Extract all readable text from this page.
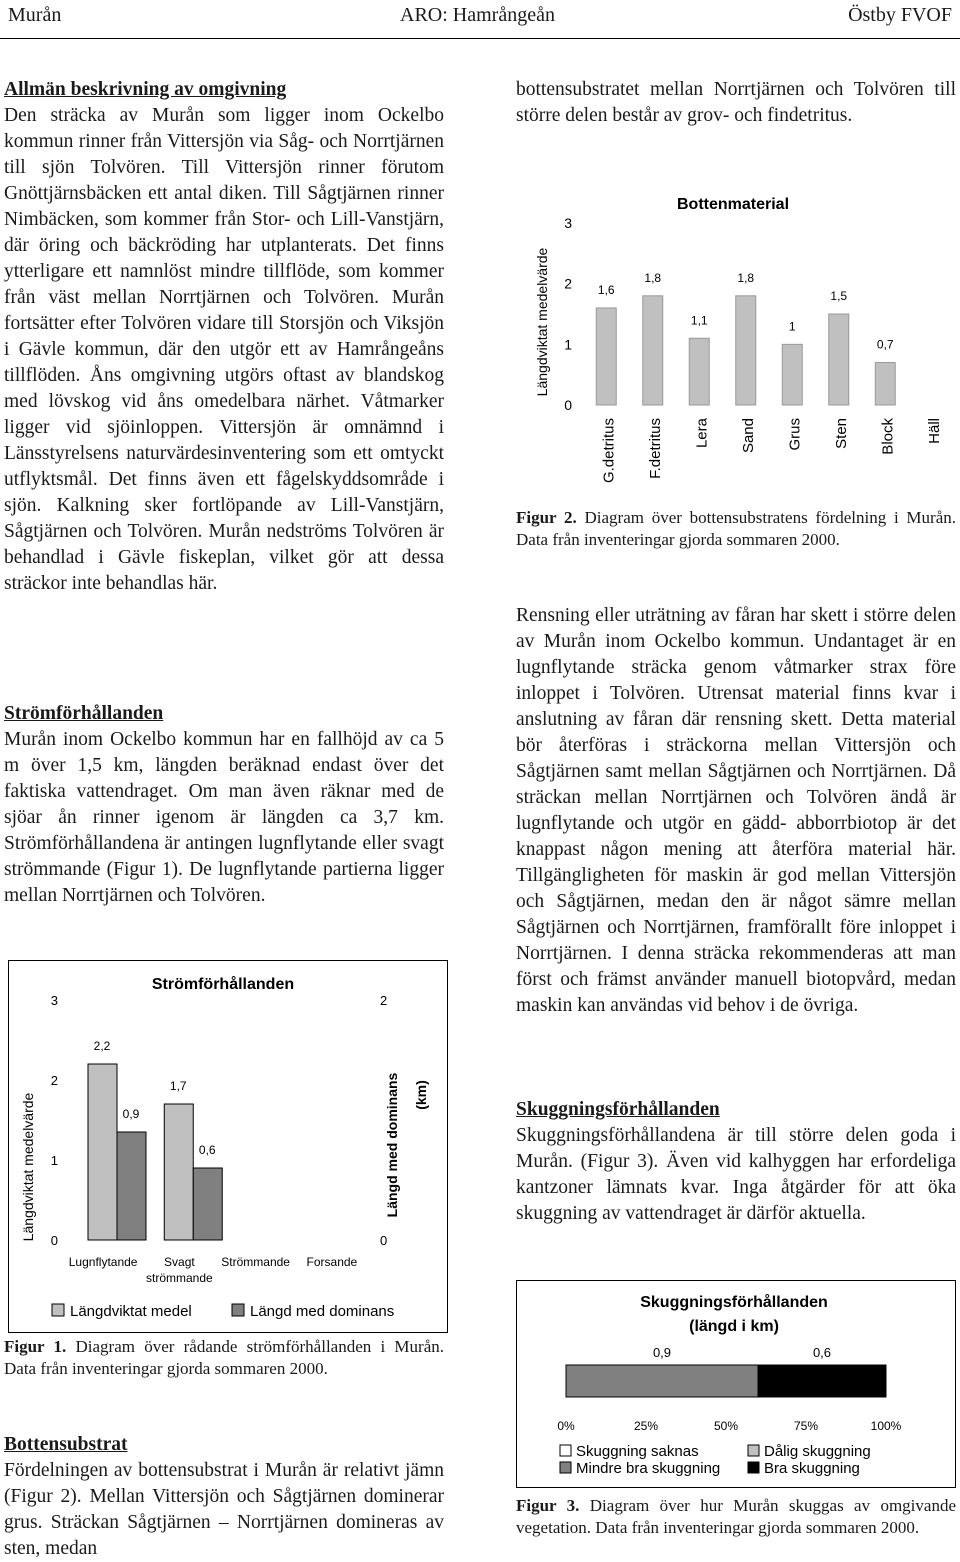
Murån	ARO: Hamrångeån	Östby FVOF

Allmän beskrivning av omgivning

Den sträcka av Murån som ligger inom Ockelbo kommun rinner från Vittersjön via Såg- och Norrtjärnen till sjön Tolvören. Till Vittersjön rinner förutom Gnöttjärnsbäcken ett antal diken. Till Sågtjärnen rinner Nimbäcken, som kommer från Stor- och Lill-Vanstjärn, där öring och bäckröding har utplanterats. Det finns ytterligare ett namnlöst mindre tillflöde, som kommer från väst mellan Norrtjärnen och Tolvören. Murån fortsätter efter Tolvören vidare till Storsjön och Viksjön i Gävle kommun, där den utgör ett av Hamrångeåns tillflöden. Åns omgivning utgörs oftast av blandskog med lövskog vid åns omedelbara närhet. Våtmarker ligger vid sjöinloppen. Vittersjön är omnämnd i Länsstyrelsens naturvärdesinventering som ett omtyckt utflyktsmål. Det finns även ett fågelskyddsområde i sjön. Kalkning sker fortlöpande av Lill-Vanstjärn, Sågtjärnen och Tolvören. Murån nedströms Tolvören är behandlad i Gävle fiskeplan, vilket gör att dessa sträckor inte behandlas här.

Strömförhållanden

Murån inom Ockelbo kommun har en fallhöjd av ca 5 m över 1,5 km, längden beräknad endast över det faktiska vattendraget. Om man även räknar med de sjöar ån rinner igenom är längden ca 3,7 km. Strömförhållandena är antingen lugnflytande eller svagt strömmande (Figur 1). De lugnflytande partierna ligger mellan Norrtjärnen och Tolvören.

Strömförhållanden
Längdviktat medelvärde	Längd med dominans (km)
0
1
2
3
0
2
Lugnflytande
2,2
0,9
Svagt
strömmande
1,7
0,6
Strömmande Forsande
Längdviktat medel	Längd med dominans
Figur 1. Diagram över rådande strömförhållanden i Murån. Data från inventeringar gjorda sommaren 2000.

Bottensubstrat

Fördelningen av bottensubstrat i Murån är relativt jämn (Figur 2). Mellan Vittersjön och Sågtjärnen dominerar grus. Sträckan Sågtjärnen – Norrtjärnen domineras av sten, medan

bottensubstratet mellan Norrtjärnen och Tolvören till större delen består av grov- och findetritus.

Bottenmaterial
Längdviktat medelvärde
0
1
2
3
G.detritus
1,6
F.detritus
1,8
Lera
1,1
Sand
1,8
Grus
1
Sten
1,5
Block
0,7
Häll
Figur 2. Diagram över bottensubstratens fördelning i Murån. Data från inventeringar gjorda sommaren 2000.

Rensning eller uträtning av fåran har skett i större delen av Murån inom Ockelbo kommun. Undantaget är en lugnflytande sträcka genom våtmarker strax före inloppet i Tolvören. Utrensat material finns kvar i anslutning av fåran där rensning skett. Detta material bör återföras i sträckorna mellan Vittersjön och Sågtjärnen samt mellan Sågtjärnen och Norrtjärnen. Då sträckan mellan Norrtjärnen och Tolvören ändå är lugnflytande och utgör en gädd- abborrbiotop är det knappast någon mening att återföra material här. Tillgängligheten för maskin är god mellan Vittersjön och Sågtjärnen, medan den är något sämre mellan Sågtjärnen och Norrtjärnen, framförallt före inloppet i Norrtjärnen. I denna sträcka rekommenderas att man först och främst använder manuell biotopvård, medan maskin kan användas vid behov i de övriga.

Skuggningsförhållanden

Skuggningsförhållandena är till större delen goda i Murån. (Figur 3). Även vid kalhyggen har erfordeliga kantzoner lämnats kvar. Inga åtgärder för att öka skuggning av vattendraget är därför aktuella.

Skuggningsförhållanden
(längd i km)
0,9	0,6
0%	25%	50%	75%	100%
Skuggning saknas	Dålig skuggning
Mindre bra skuggning	Bra skuggning
Figur 3. Diagram över hur Murån skuggas av omgivande vegetation. Data från inventeringar gjorda sommaren 2000.
